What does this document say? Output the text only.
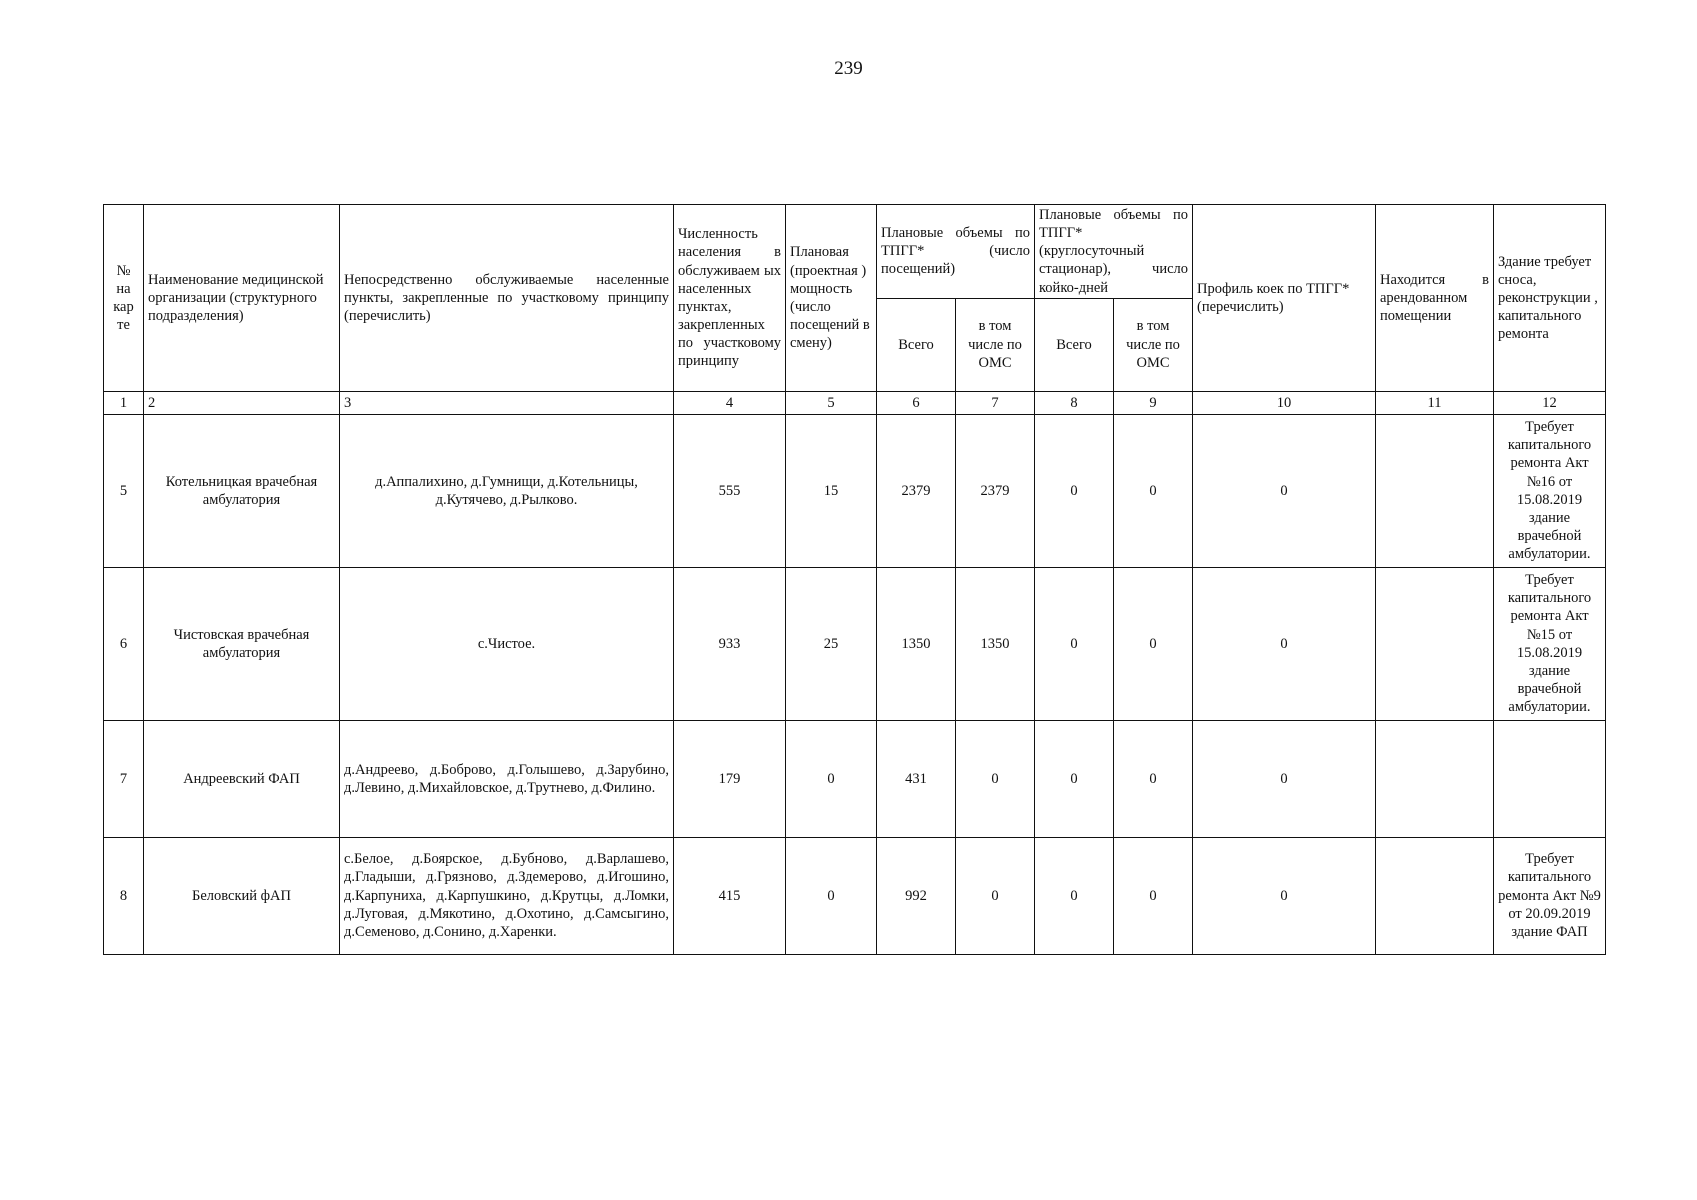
239
№ на кар те	Наименование медицинской организации (структурного подразделения)	Непосредственно обслуживаемые населенные пункты, закрепленные по участковому принципу (перечислить)	Численность населения в обслуживаем ых населенных пунктах, закрепленных по участковому принципу	Плановая (проектная ) мощность (число посещений в смену)	Плановые объемы по ТПГГ* (число посещений)		Плановые объемы по ТПГГ* (круглосуточный стационар), число койко-дней		Профиль коек по ТПГГ* (перечислить)	Находится в арендованном помещении	Здание требует сноса, реконструкции , капитального ремонта
					Всего	в том числе по ОМС	Всего	в том числе по ОМС			
1	2	3	4	5	6	7	8	9	10	11	12
5	Котельницкая врачебная амбулатория	д.Аппалихино, д.Гумнищи, д.Котельницы, д.Кутячево, д.Рылково.	555	15	2379	2379	0	0	0		Требует капитального ремонта Акт №16 от 15.08.2019 здание врачебной амбулатории.
6	Чистовская врачебная амбулатория	с.Чистое.	933	25	1350	1350	0	0	0		Требует капитального ремонта Акт №15 от 15.08.2019 здание врачебной амбулатории.
7	Андреевский ФАП	д.Андреево, д.Боброво, д.Голышево, д.Зарубино, д.Левино, д.Михайловское, д.Трутнево, д.Филино.	179	0	431	0	0	0	0		
8	Беловский фАП	с.Белое, д.Боярское, д.Бубново, д.Варлашево, д.Гладыши, д.Грязново, д.Здемерово, д.Игошино, д.Карпуниха, д.Карпушкино, д.Крутцы, д.Ломки, д.Луговая, д.Мякотино, д.Охотино, д.Самсыгино, д.Семеново, д.Сонино, д.Харенки.	415	0	992	0	0	0	0		Требует капитального ремонта Акт №9 от 20.09.2019 здание ФАП
